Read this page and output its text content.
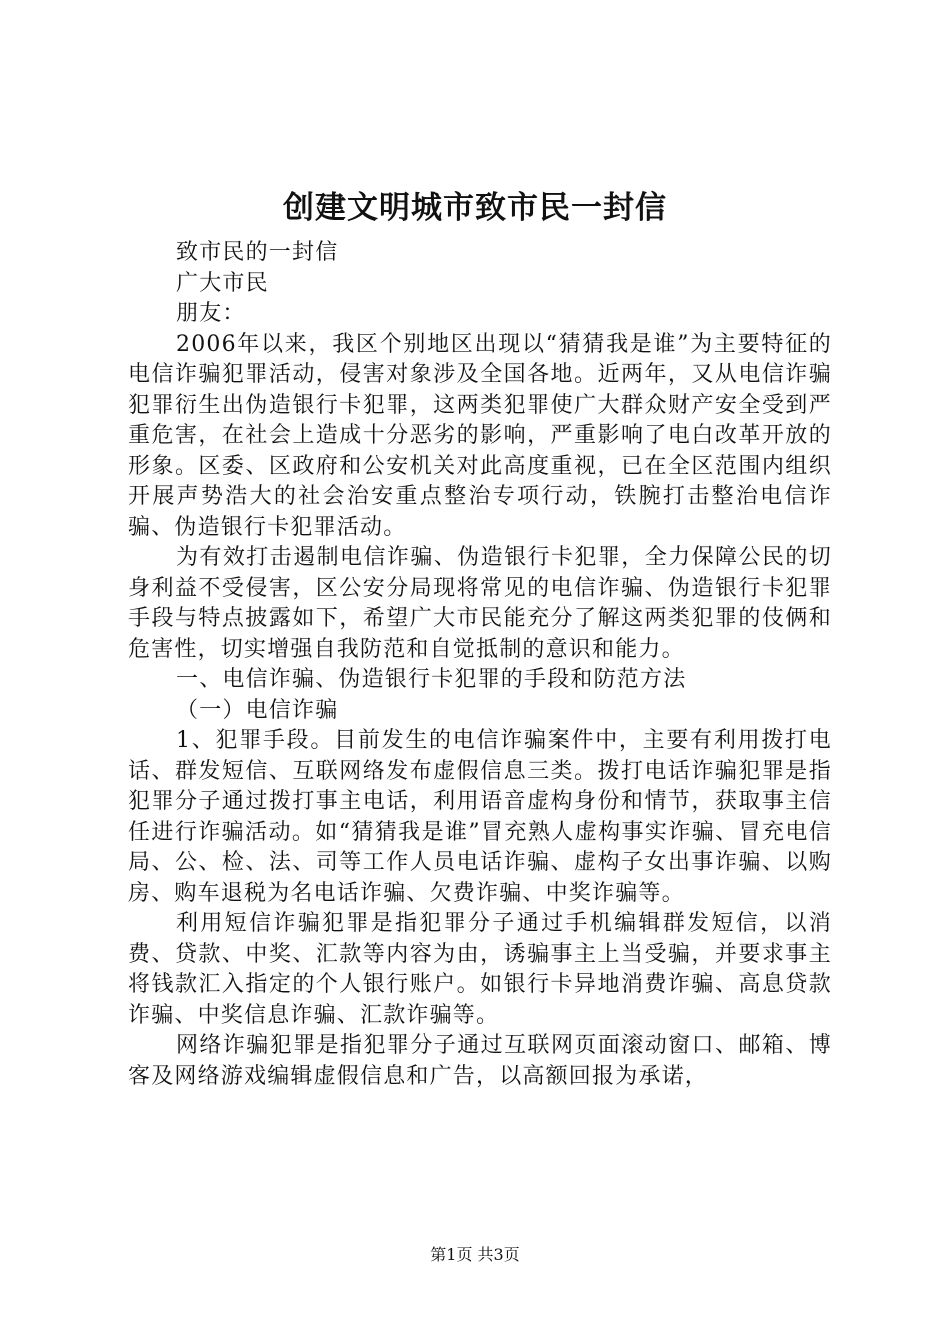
创建文明城市致市民一封信

致市民的一封信

广大市民

朋友：

2006年以来，我区个别地区出现以“猜猜我是谁”为主要特征的电信诈骗犯罪活动，侵害对象涉及全国各地。近两年，又从电信诈骗犯罪衍生出伪造银行卡犯罪，这两类犯罪使广大群众财产安全受到严重危害，在社会上造成十分恶劣的影响，严重影响了电白改革开放的形象。区委、区政府和公安机关对此高度重视，已在全区范围内组织开展声势浩大的社会治安重点整治专项行动，铁腕打击整治电信诈骗、伪造银行卡犯罪活动。

为有效打击遏制电信诈骗、伪造银行卡犯罪，全力保障公民的切身利益不受侵害，区公安分局现将常见的电信诈骗、伪造银行卡犯罪手段与特点披露如下，希望广大市民能充分了解这两类犯罪的伎俩和危害性，切实增强自我防范和自觉抵制的意识和能力。

一、电信诈骗、伪造银行卡犯罪的手段和防范方法

（一）电信诈骗

1、犯罪手段。目前发生的电信诈骗案件中，主要有利用拨打电话、群发短信、互联网络发布虚假信息三类。拨打电话诈骗犯罪是指犯罪分子通过拨打事主电话，利用语音虚构身份和情节，获取事主信任进行诈骗活动。如“猜猜我是谁”冒充熟人虚构事实诈骗、冒充电信局、公、检、法、司等工作人员电话诈骗、虚构子女出事诈骗、以购房、购车退税为名电话诈骗、欠费诈骗、中奖诈骗等。

利用短信诈骗犯罪是指犯罪分子通过手机编辑群发短信，以消费、贷款、中奖、汇款等内容为由，诱骗事主上当受骗，并要求事主将钱款汇入指定的个人银行账户。如银行卡异地消费诈骗、高息贷款诈骗、中奖信息诈骗、汇款诈骗等。

网络诈骗犯罪是指犯罪分子通过互联网页面滚动窗口、邮箱、博客及网络游戏编辑虚假信息和广告，以高额回报为承诺，

第1页 共3页
